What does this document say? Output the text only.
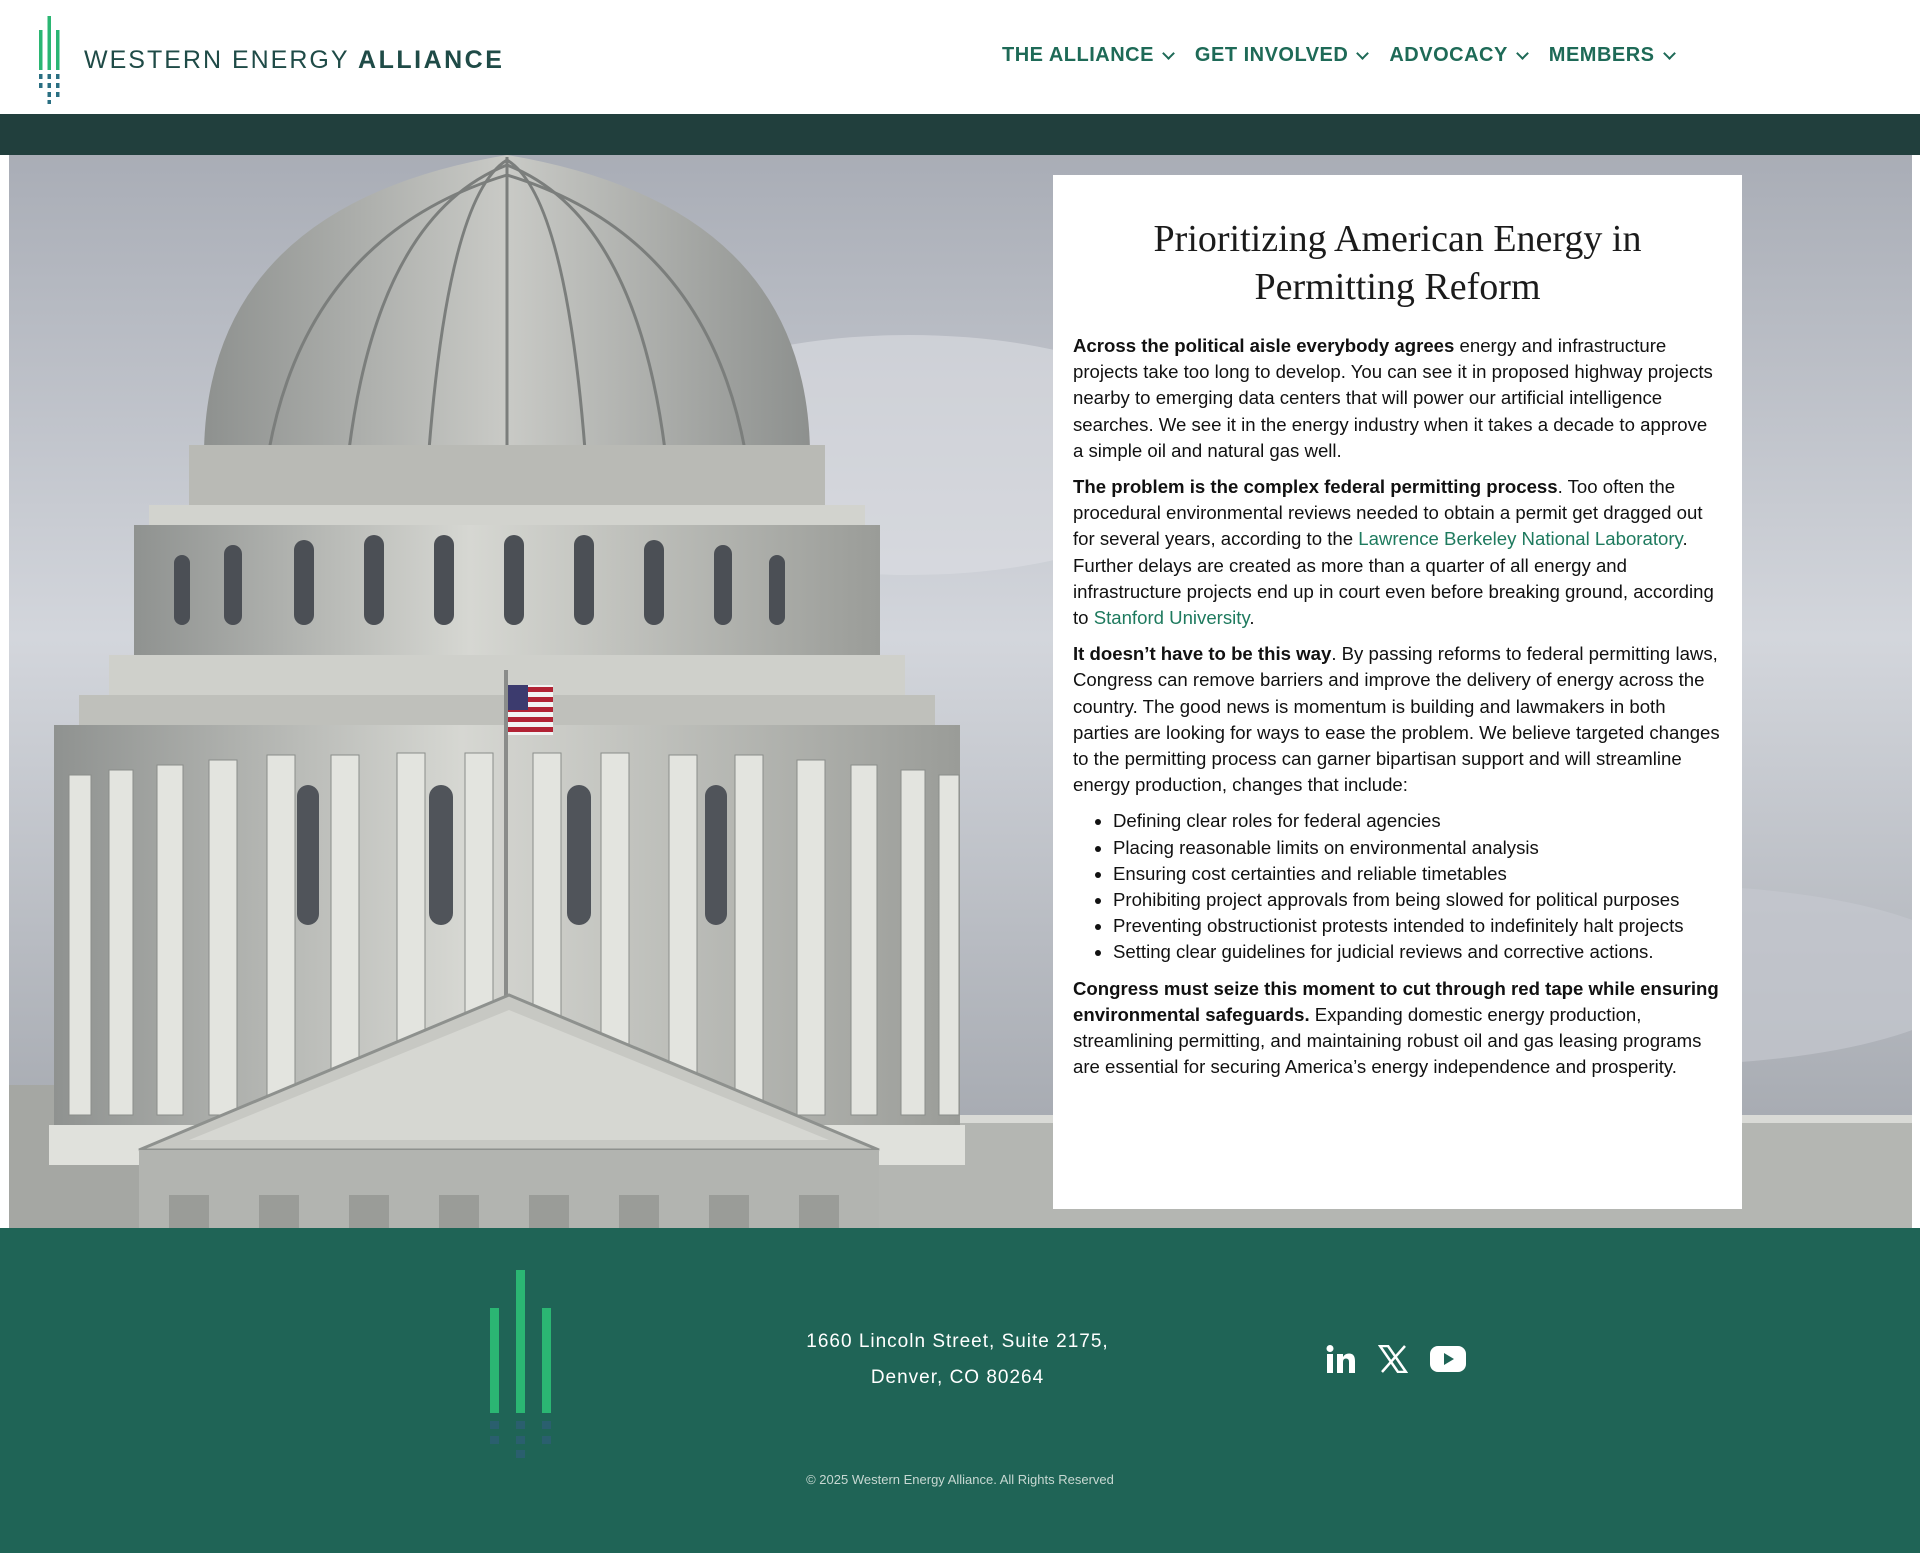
WESTERN ENERGY ALLIANCE	THE ALLIANCE GET INVOLVED ADVOCACY MEMBERS
Prioritizing American Energy in Permitting Reform

Across the political aisle everybody agrees energy and infrastructure projects take too long to develop. You can see it in proposed highway projects nearby to emerging data centers that will power our artificial intelligence searches. We see it in the energy industry when it takes a decade to approve a simple oil and natural gas well.

The problem is the complex federal permitting process. Too often the procedural environmental reviews needed to obtain a permit get dragged out for several years, according to the Lawrence Berkeley National Laboratory. Further delays are created as more than a quarter of all energy and infrastructure projects end up in court even before breaking ground, according to Stanford University.

It doesn’t have to be this way. By passing reforms to federal permitting laws, Congress can remove barriers and improve the delivery of energy across the country. The good news is momentum is building and lawmakers in both parties are looking for ways to ease the problem. We believe targeted changes to the permitting process can garner bipartisan support and will streamline energy production, changes that include:

• Defining clear roles for federal agencies
• Placing reasonable limits on environmental analysis
• Ensuring cost certainties and reliable timetables
• Prohibiting project approvals from being slowed for political purposes
• Preventing obstructionist protests intended to indefinitely halt projects
• Setting clear guidelines for judicial reviews and corrective actions.

Congress must seize this moment to cut through red tape while ensuring environmental safeguards. Expanding domestic energy production, streamlining permitting, and maintaining robust oil and gas leasing programs are essential for securing America’s energy independence and prosperity.

1660 Lincoln Street, Suite 2175,
Denver, CO 80264
© 2025 Western Energy Alliance. All Rights Reserved
